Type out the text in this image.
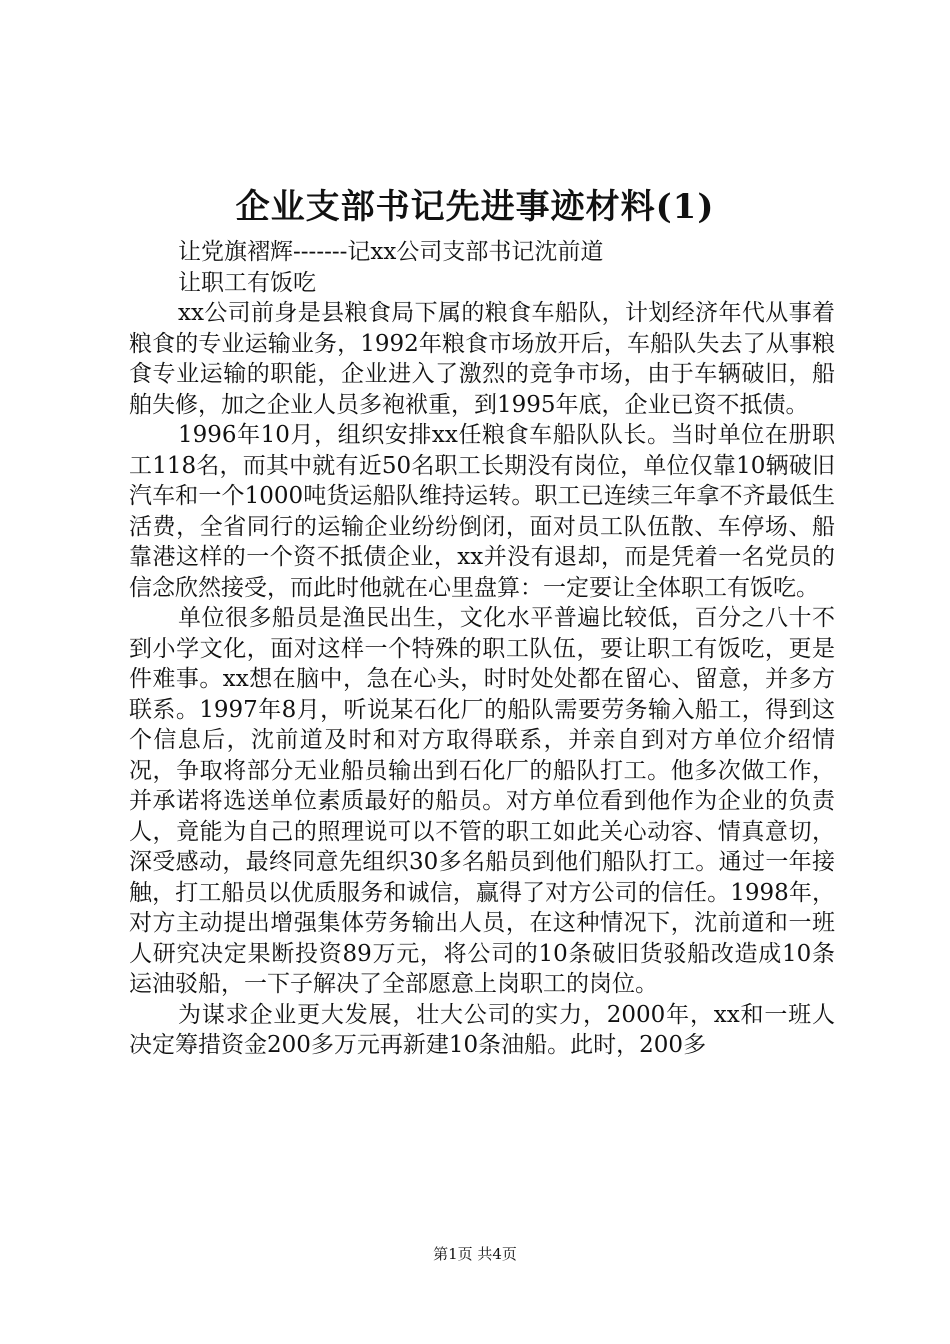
企业支部书记先进事迹材料(1)

让党旗褶辉-------记xx公司支部书记沈前道

让职工有饭吃

xx公司前身是县粮食局下属的粮食车船队，计划经济年代从事着粮食的专业运输业务，1992年粮食市场放开后，车船队失去了从事粮食专业运输的职能，企业进入了激烈的竞争市场，由于车辆破旧，船舶失修，加之企业人员多袍袱重，到1995年底，企业已资不抵债。

1996年10月，组织安排xx任粮食车船队队长。当时单位在册职工118名，而其中就有近50名职工长期没有岗位，单位仅靠10辆破旧汽车和一个1000吨货运船队维持运转。职工已连续三年拿不齐最低生活费，全省同行的运输企业纷纷倒闭，面对员工队伍散、车停场、船靠港这样的一个资不抵债企业，xx并没有退却，而是凭着一名党员的信念欣然接受，而此时他就在心里盘算：一定要让全体职工有饭吃。

单位很多船员是渔民出生，文化水平普遍比较低，百分之八十不到小学文化，面对这样一个特殊的职工队伍，要让职工有饭吃，更是件难事。xx想在脑中，急在心头，时时处处都在留心、留意，并多方联系。1997年8月，听说某石化厂的船队需要劳务输入船工，得到这个信息后，沈前道及时和对方取得联系，并亲自到对方单位介绍情况，争取将部分无业船员输出到石化厂的船队打工。他多次做工作，并承诺将选送单位素质最好的船员。对方单位看到他作为企业的负责人，竟能为自己的照理说可以不管的职工如此关心动容、情真意切，深受感动，最终同意先组织30多名船员到他们船队打工。通过一年接触，打工船员以优质服务和诚信，赢得了对方公司的信任。1998年，对方主动提出增强集体劳务输出人员，在这种情况下，沈前道和一班人研究决定果断投资89万元，将公司的10条破旧货驳船改造成10条运油驳船，一下子解决了全部愿意上岗职工的岗位。

为谋求企业更大发展，壮大公司的实力，2000年，xx和一班人决定筹措资金200多万元再新建10条油船。此时，200多

第1页 共4页
